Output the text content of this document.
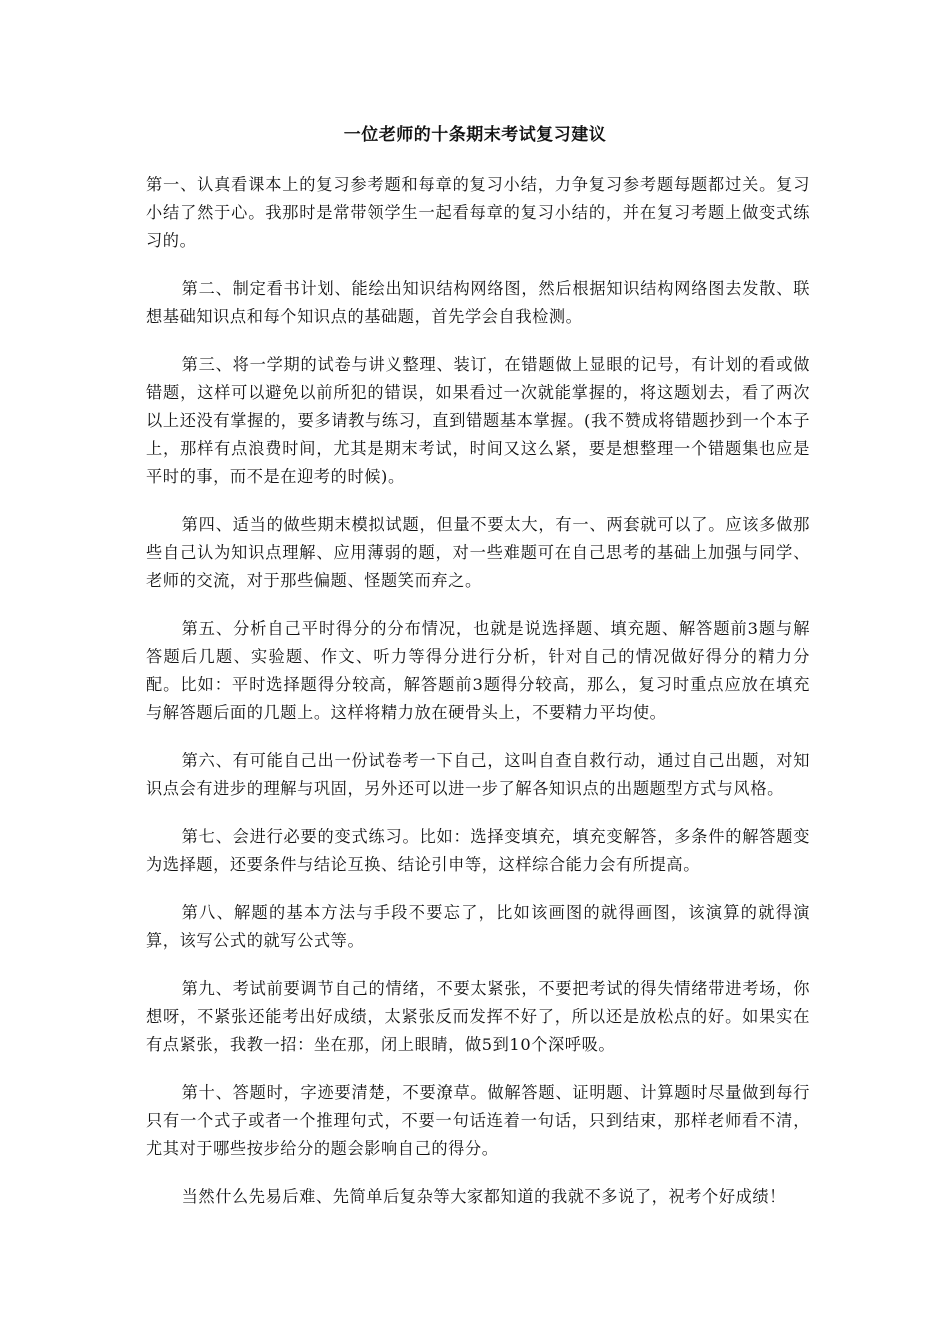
一位老师的十条期末考试复习建议

第一、认真看课本上的复习参考题和每章的复习小结，力争复习参考题每题都过关。复习小结了然于心。我那时是常带领学生一起看每章的复习小结的，并在复习考题上做变式练习的。

第二、制定看书计划、能绘出知识结构网络图，然后根据知识结构网络图去发散、联想基础知识点和每个知识点的基础题，首先学会自我检测。

第三、将一学期的试卷与讲义整理、装订，在错题做上显眼的记号，有计划的看或做错题，这样可以避免以前所犯的错误，如果看过一次就能掌握的，将这题划去，看了两次以上还没有掌握的，要多请教与练习，直到错题基本掌握。(我不赞成将错题抄到一个本子上，那样有点浪费时间，尤其是期末考试，时间又这么紧，要是想整理一个错题集也应是平时的事，而不是在迎考的时候)。

第四、适当的做些期末模拟试题，但量不要太大，有一、两套就可以了。应该多做那些自己认为知识点理解、应用薄弱的题，对一些难题可在自己思考的基础上加强与同学、老师的交流，对于那些偏题、怪题笑而弃之。

第五、分析自己平时得分的分布情况，也就是说选择题、填充题、解答题前3题与解答题后几题、实验题、作文、听力等得分进行分析，针对自己的情况做好得分的精力分配。比如：平时选择题得分较高，解答题前3题得分较高，那么，复习时重点应放在填充与解答题后面的几题上。这样将精力放在硬骨头上，不要精力平均使。

第六、有可能自己出一份试卷考一下自己，这叫自查自救行动，通过自己出题，对知识点会有进步的理解与巩固，另外还可以进一步了解各知识点的出题题型方式与风格。

第七、会进行必要的变式练习。比如：选择变填充，填充变解答，多条件的解答题变为选择题，还要条件与结论互换、结论引申等，这样综合能力会有所提高。

第八、解题的基本方法与手段不要忘了，比如该画图的就得画图，该演算的就得演算，该写公式的就写公式等。

第九、考试前要调节自己的情绪，不要太紧张，不要把考试的得失情绪带进考场，你想呀，不紧张还能考出好成绩，太紧张反而发挥不好了，所以还是放松点的好。如果实在有点紧张，我教一招：坐在那，闭上眼睛，做5到10个深呼吸。

第十、答题时，字迹要清楚，不要潦草。做解答题、证明题、计算题时尽量做到每行只有一个式子或者一个推理句式，不要一句话连着一句话，只到结束，那样老师看不清，尤其对于哪些按步给分的题会影响自己的得分。

当然什么先易后难、先简单后复杂等大家都知道的我就不多说了，祝考个好成绩！
